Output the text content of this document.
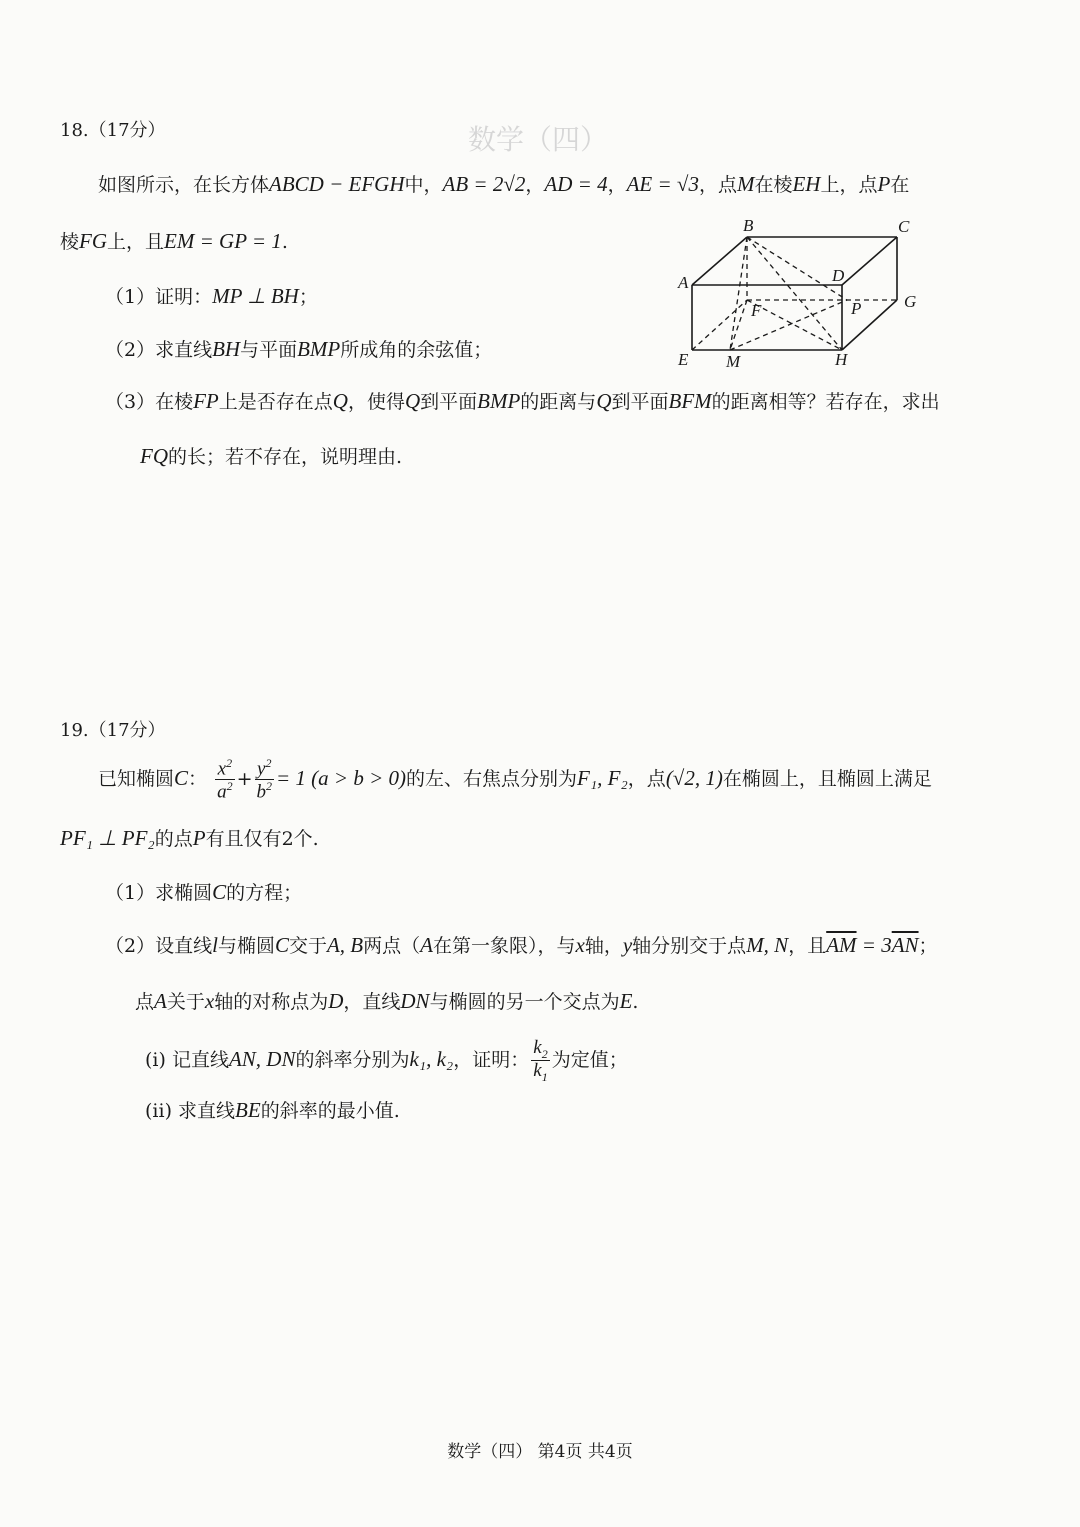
数学（四）
18.（17分）
如图所示，在长方体ABCD − EFGH中，AB = 2√2，AD = 4，AE = √3，点M在棱EH上，点P在
棱FG上，且EM = GP = 1.
（1）证明：MP ⊥ BH；
（2）求直线BH与平面BMP所成角的余弦值；
（3）在棱FP上是否存在点Q，使得Q到平面BMP的距离与Q到平面BFM的距离相等？若存在，求出
FQ的长；若不存在，说明理由.
B	C
A	D
G
F	P
E M	H
19.（17分）
已知椭圆C： $\frac{x^2}{a^2} + \frac{y^2}{b^2} = 1$ (a > b > 0)的左、右焦点分别为F₁, F₂，点(√2, 1)在椭圆上，且椭圆上满足
PF₁ ⊥ PF₂的点P有且仅有2个.
（1）求椭圆C的方程；
（2）设直线l与椭圆C交于A, B两点（A在第一象限），与x轴，y轴分别交于点M, N，且$\overline{AM} = 3\overline{AN}$；
点A关于x轴的对称点为D，直线DN与椭圆的另一个交点为E.
(i) 记直线AN, DN的斜率分别为k₁, k₂，证明： $\frac{k_2}{k_1}$ 为定值；
(ii) 求直线BE的斜率的最小值.
数学（四） 第4页 共4页
